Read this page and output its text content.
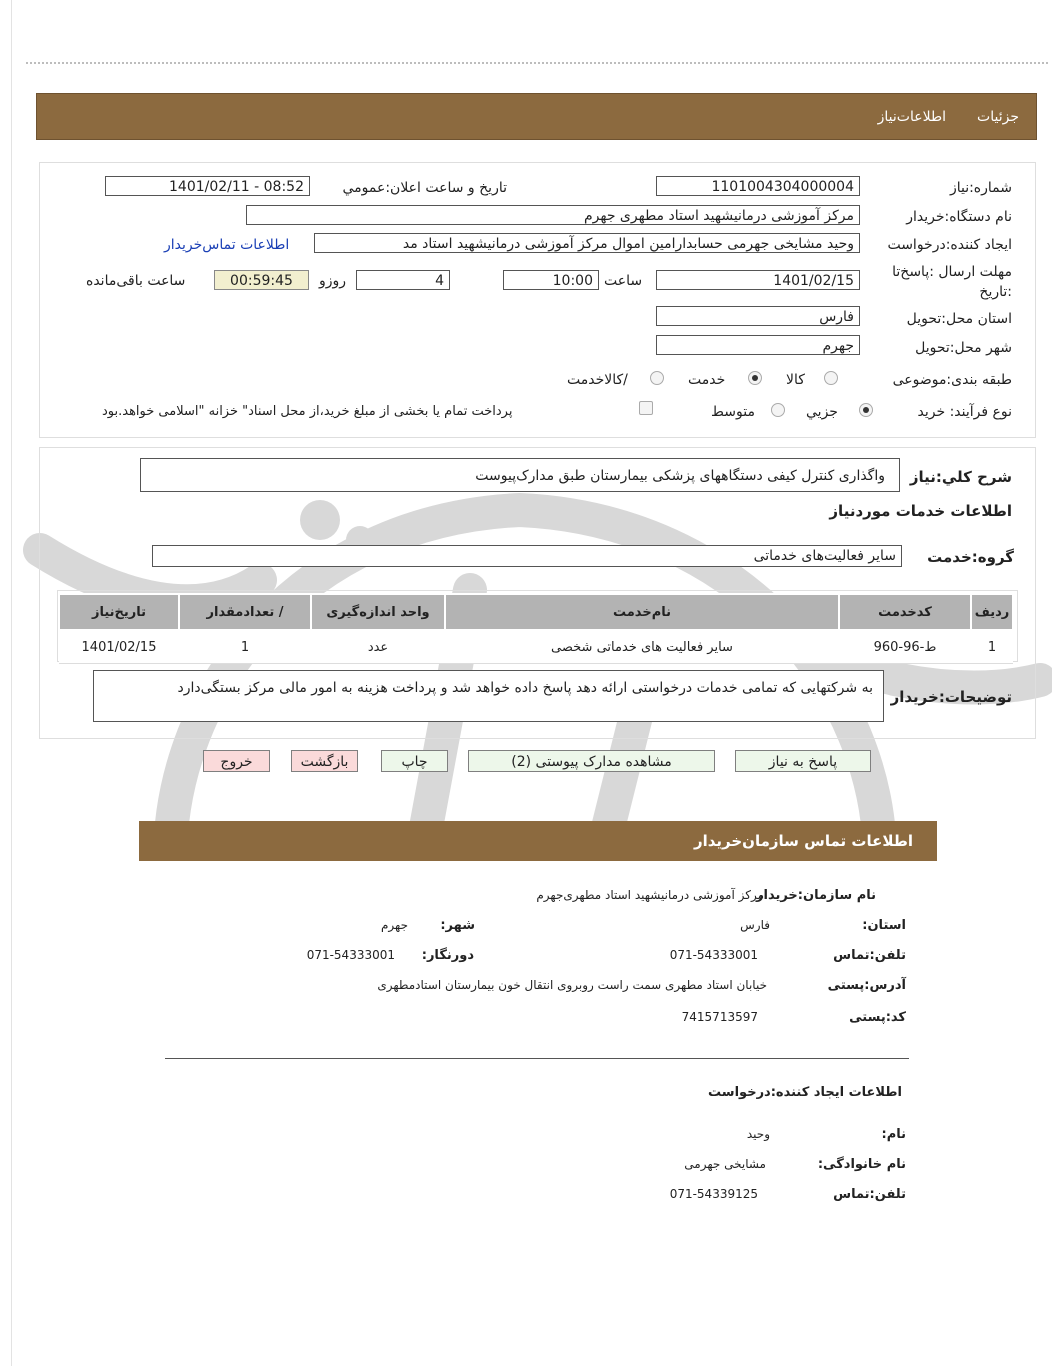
جزئیات
اطلاعات‌نیاز
شماره:نیاز
1101004304000004
تاریخ و ساعت اعلان:عمومي
1401/02/11 - 08:52
نام دستگاه:خریدار
مرکز آموزشی درمانیشهید استاد مطهری جهرم
ایجاد کننده:درخواست
وحید مشایخی جهرمی حسابدارامین اموال مرکز آموزشی درمانیشهید استاد مد
اطلاعات تماس‌خریدار
مهلت ارسال :پاسخ‌تا
:تاریخ
1401/02/15
ساعت
10:00
4
روزو
00:59:45
ساعت باقی‌مانده
استان محل:تحویل
فارس
شهر محل:تحویل
جهرم
طبقه بندی:موضوعی
کالا
خدمت
/کالاخدمت
نوع فرآیند: خرید
جزیي
متوسط
پرداخت تمام یا بخشی از مبلغ خرید،از محل اسناد" خزانه "اسلامی خواهد.بود
شرح کلي:نیاز
واگذاری کنترل کیفی دستگاههای پزشکی بیمارستان طبق مدارک‌پیوست
اطلاعات خدمات موردنیاز
گروه:خدمت
سایر فعالیت‌های خدماتی
ردیف	کدخدمت	نام‌خدمت	واحد اندازه‌گیری	/ تعدادمقدار	تاریخ‌نیاز
1	ط-96-960	سایر فعالیت های خدماتی شخصی	عدد	1	1401/02/15
توضیحات:خریدار
به شرکتهایی که تمامی خدمات درخواستی ارائه دهد پاسخ داده خواهد شد و پرداخت هزینه به امور مالی مرکز بستگی‌دارد
پاسخ به نیاز
مشاهده مدارک پیوستی (2)
چاپ
بازگشت
خروج
اطلاعات تماس سازمان‌خریدار
نام سازمان:خریدار
مرکز آموزشی درمانیشهید استاد مطهری‌جهرم
استان:
فارس
شهر:
جهرم
تلفن:تماس
071-54333001
دورنگار:
071-54333001
آدرس:پستی
خیابان استاد مطهری سمت راست روبروی انتقال خون بیمارستان استادمطهری
کد:پستی
7415713597
اطلاعات ایجاد کننده:درخواست
نام:
وحید
نام خانوادگی:
مشایخی جهرمی
تلفن:تماس
071-54339125
